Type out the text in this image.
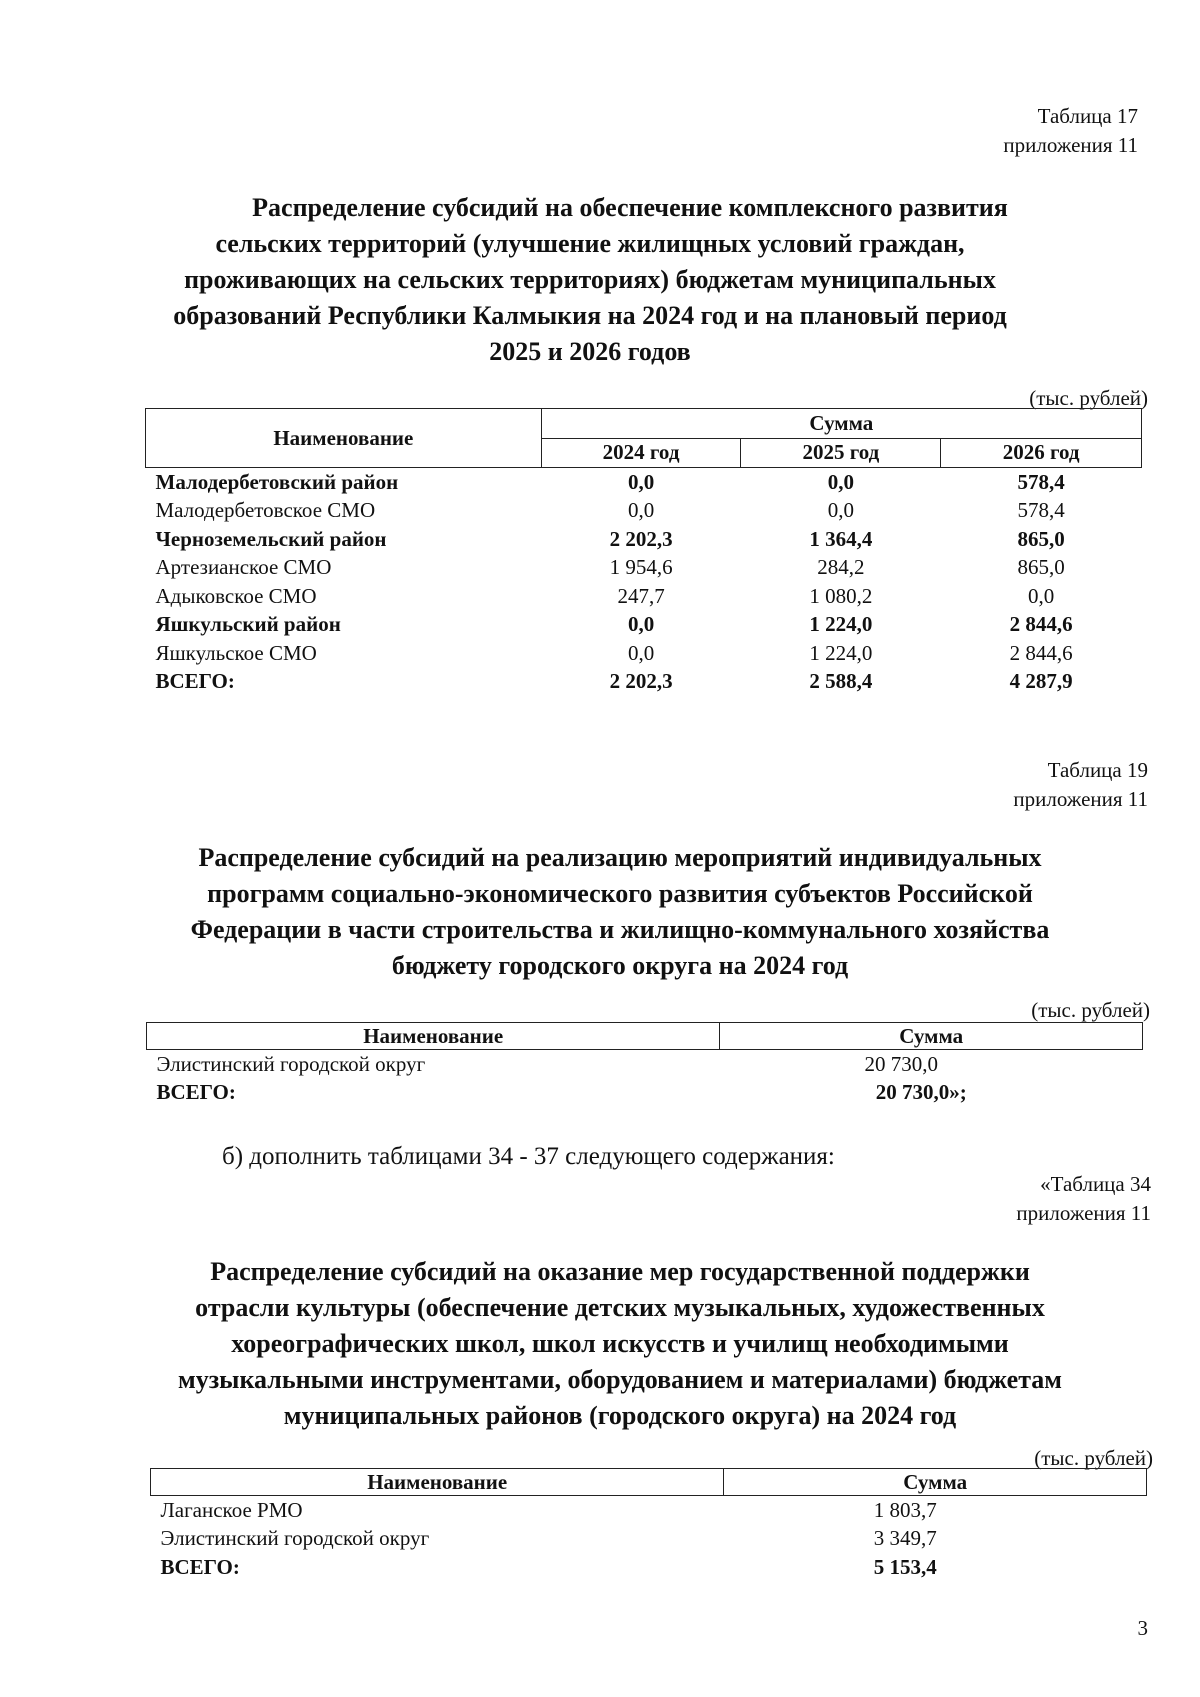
Таблица 17
приложения 11
Распределение субсидий на обеспечение комплексного развития
сельских территорий (улучшение жилищных условий граждан,
проживающих на сельских территориях) бюджетам муниципальных
образований Республики Калмыкия на 2024 год и на плановый период
2025 и 2026 годов
(тыс. рублей)
Наименование	Сумма		
	2024 год	2025 год	2026 год
Малодербетовский район	0,0	0,0	578,4
Малодербетовское СМО	0,0	0,0	578,4
Черноземельский район	2 202,3	1 364,4	865,0
Артезианское СМО	1 954,6	284,2	865,0
Адыковское СМО	247,7	1 080,2	0,0
Яшкульский район	0,0	1 224,0	2 844,6
Яшкульское СМО	0,0	1 224,0	2 844,6
ВСЕГО:	2 202,3	2 588,4	4 287,9
Таблица 19
приложения 11
Распределение субсидий на реализацию мероприятий индивидуальных
программ социально-экономического развития субъектов Российской
Федерации в части строительства и жилищно-коммунального хозяйства
бюджету городского округа на 2024 год
(тыс. рублей)
Наименование	Сумма
Элистинский городской округ	20 730,0
ВСЕГО:	20 730,0»;
б) дополнить таблицами 34 - 37 следующего содержания:
«Таблица 34
приложения 11
Распределение субсидий на оказание мер государственной поддержки
отрасли культуры (обеспечение детских музыкальных, художественных
хореографических школ, школ искусств и училищ необходимыми
музыкальными инструментами, оборудованием и материалами) бюджетам
муниципальных районов (городского округа) на 2024 год
(тыс. рублей)
Наименование	Сумма
Лаганское РМО	1 803,7
Элистинский городской округ	3 349,7
ВСЕГО:	5 153,4
3
